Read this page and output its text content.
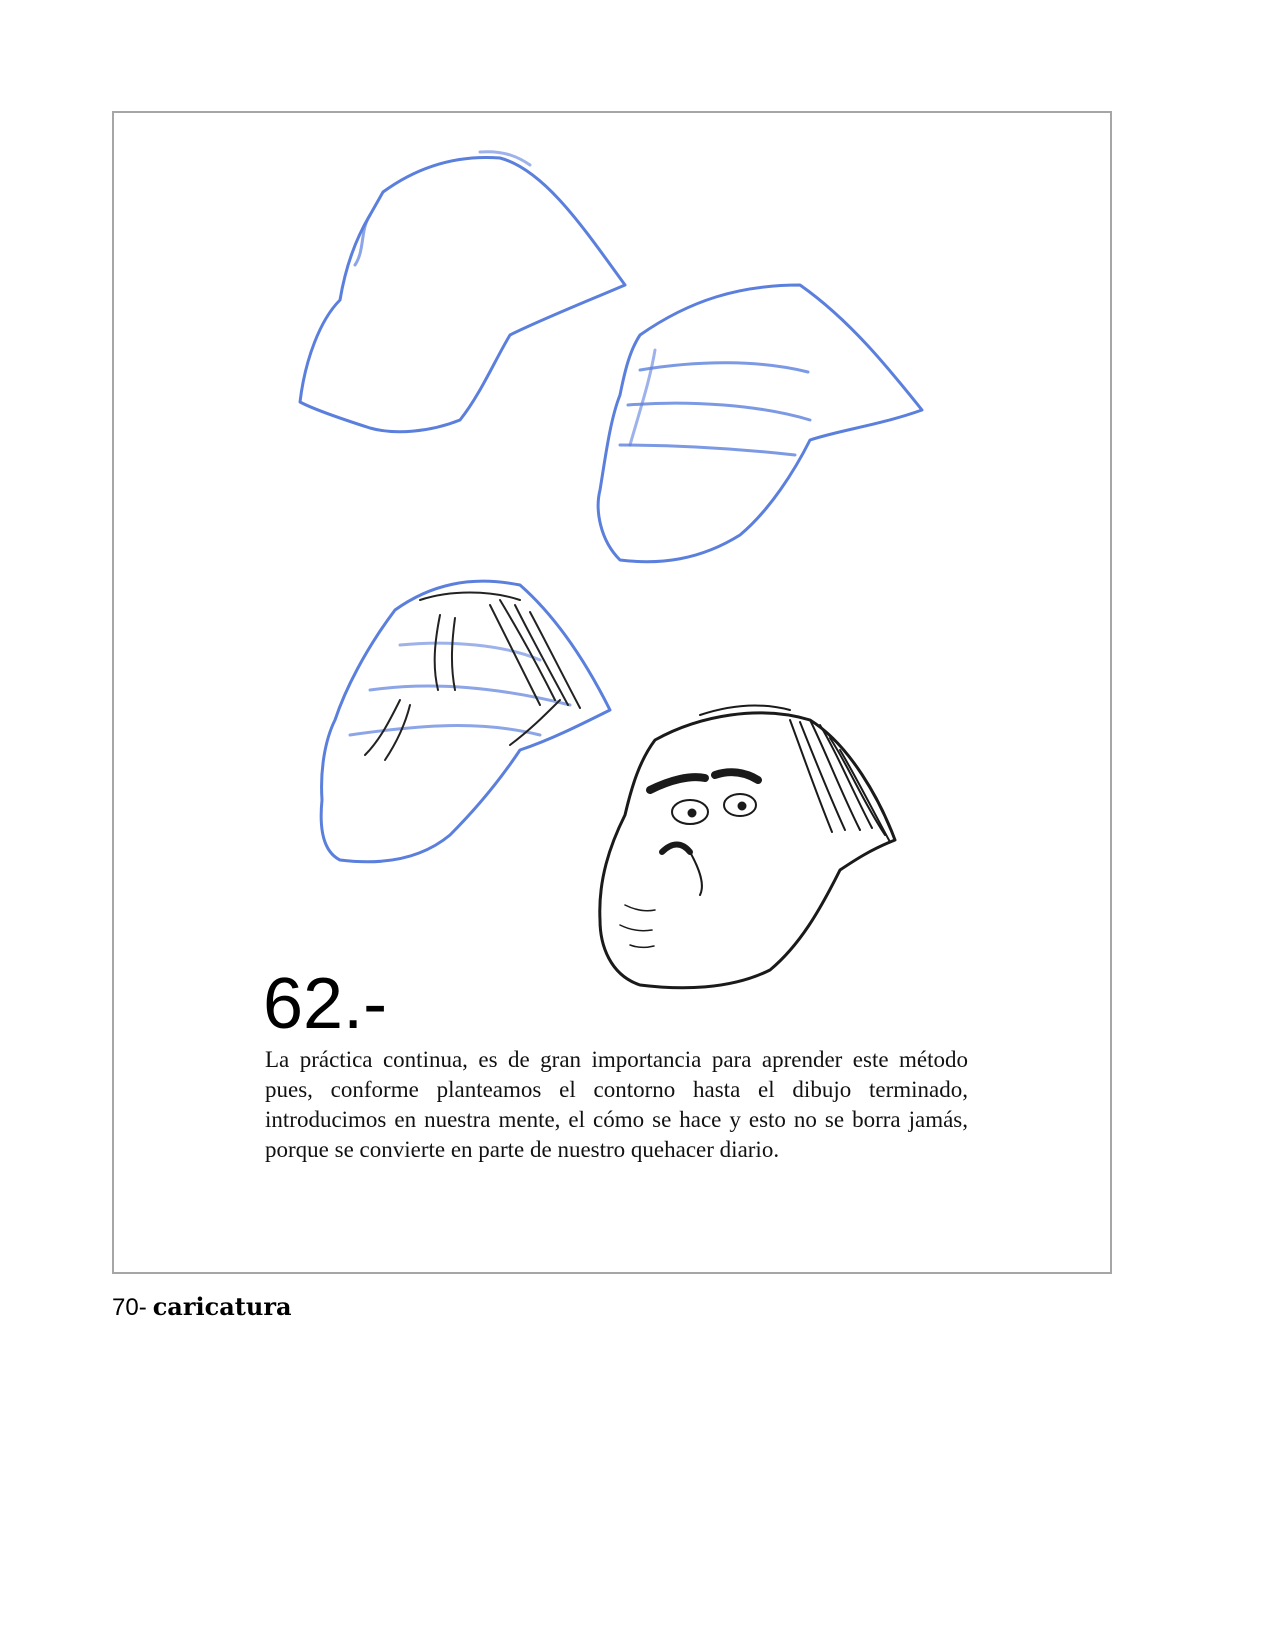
62.-

La práctica continua, es de gran importancia para aprender este método pues, conforme planteamos el contorno hasta el dibujo terminado, introducimos en nuestra mente, el cómo se hace y esto no se borra jamás, porque se convierte en parte de nuestro quehacer diario.

70- caricatura
